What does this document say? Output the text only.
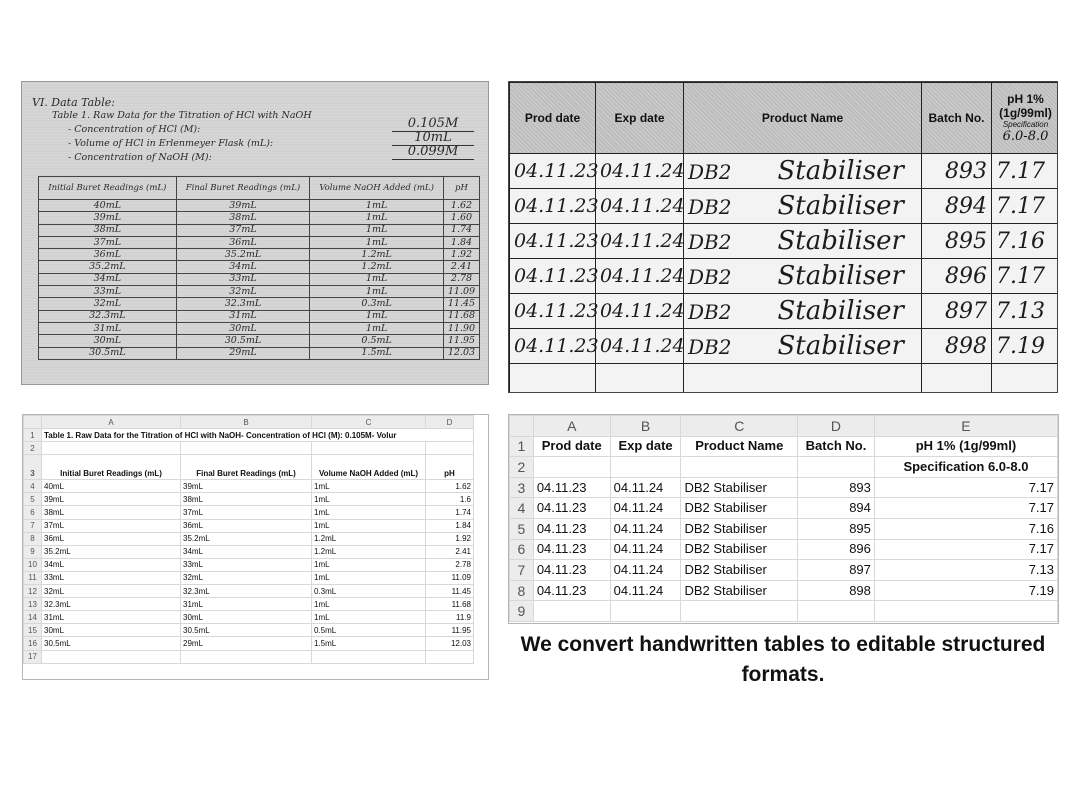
VI. Data Table:
Table 1. Raw Data for the Titration of HCl with NaOH
- Concentration of HCl (M):	0.105M
- Volume of HCl in Erlenmeyer Flask (mL):	10mL
- Concentration of NaOH (M):	0.099M
Initial Buret Readings (mL)	Final Buret Readings (mL)	Volume NaOH Added (mL)	pH
40mL	39mL	1mL	1.62
39mL	38mL	1mL	1.60
38mL	37mL	1mL	1.74
37mL	36mL	1mL	1.84
36mL	35.2mL	1.2mL	1.92
35.2mL	34mL	1.2mL	2.41
34mL	33mL	1mL	2.78
33mL	32mL	1mL	11.09
32mL	32.3mL	0.3mL	11.45
32.3mL	31mL	1mL	11.68
31mL	30mL	1mL	11.90
30mL	30.5mL	0.5mL	11.95
30.5mL	29mL	1.5mL	12.03
Prod date	Exp date	Product Name	Batch No.	pH 1% (1g/99ml)
Specification
6.0-8.0
04.11.23	04.11.24	DB2 Stabiliser	893	7.17
04.11.23	04.11.24	DB2 Stabiliser	894	7.17
04.11.23	04.11.24	DB2 Stabiliser	895	7.16
04.11.23	04.11.24	DB2 Stabiliser	896	7.17
04.11.23	04.11.24	DB2 Stabiliser	897	7.13
04.11.23	04.11.24	DB2 Stabiliser	898	7.19

	A	B	C	D
1	Table 1. Raw Data for the Titration of HCl with NaOH- Concentration of HCl (M): 0.105M- Volur			
2				
3	Initial Buret Readings (mL)	Final Buret Readings (mL)	Volume NaOH Added (mL)	pH
4	40mL	39mL	1mL	1.62
5	39mL	38mL	1mL	1.6
6	38mL	37mL	1mL	1.74
7	37mL	36mL	1mL	1.84
8	36mL	35.2mL	1.2mL	1.92
9	35.2mL	34mL	1.2mL	2.41
10	34mL	33mL	1mL	2.78
11	33mL	32mL	1mL	11.09
12	32mL	32.3mL	0.3mL	11.45
13	32.3mL	31mL	1mL	11.68
14	31mL	30mL	1mL	11.9
15	30mL	30.5mL	0.5mL	11.95
16	30.5mL	29mL	1.5mL	12.03
17				
	A	B	C	D	E
1	Prod date	Exp date	Product Name	Batch No.	pH 1% (1g/99ml)
2					Specification 6.0-8.0
3	04.11.23	04.11.24	DB2 Stabiliser	893	7.17
4	04.11.23	04.11.24	DB2 Stabiliser	894	7.17
5	04.11.23	04.11.24	DB2 Stabiliser	895	7.16
6	04.11.23	04.11.24	DB2 Stabiliser	896	7.17
7	04.11.23	04.11.24	DB2 Stabiliser	897	7.13
8	04.11.23	04.11.24	DB2 Stabiliser	898	7.19
9					
We convert handwritten tables to editable structured formats.
